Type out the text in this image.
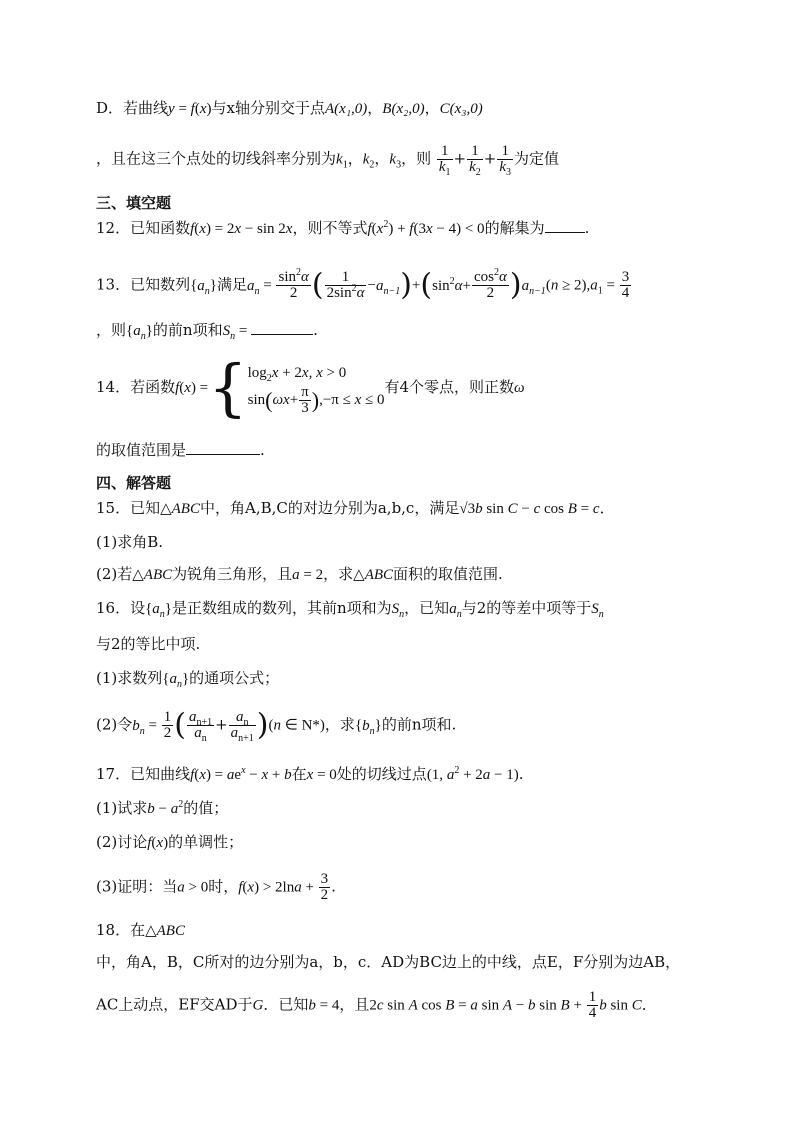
D．若曲线y = f(x)与x轴分别交于点A(x₁,0)，B(x₂,0)，C(x₃,0)
，且在这三个点处的切线斜率分别为$k_1$，$k_2$，$k_3$，则 $\frac{1}{k_1} + \frac{1}{k_2} + \frac{1}{k_3}$ 为定值
三、填空题
12．已知函数f(x) = 2x − sin 2x，则不等式$f(x^2) + f(3x - 4) < 0$的解集为	.
13．已知数列$\{a_n\}$满足$a_n = \frac{\sin^2\alpha}{2}$ ( $\frac{1}{2\sin^2\alpha} -a_{n-1})+(\sin^2\alpha+ \frac{\cos^2\alpha}{2} )a_{n-1}(n \ge 2),a_1 = \frac{3}{4}$
，则$\{a_n\}$的前n项和$S_n$ =	.
14．若函数f(x) ={ $\log_2x + 2x$, x > 0
$\sin(\omega x+ \frac{\pi}{3} ),-\pi \le x \le 0$
有4个零点，则正数ω
的取值范围是	.
四、解答题
15．已知△ABC中，角A,B,C的对边分别为a,b,c，满足√3b sin C − c cos B = c．
(1)求角B.
(2)若△ABC为锐角三角形，且a = 2，求△ABC面积的取值范围.
16．设$\{a_n\}$是正数组成的数列，其前n项和为$S_n$，已知$a_n$与2的等差中项等于$S_n$
与2的等比中项.
(1)求数列$\{a_n\}$的通项公式；
(2)令$b_n = \frac{1}{2}$ ( $\frac{a_{n+1}}{a_n} + \frac{a_n}{a_{n+1}} )(n$ ∈ N*)，求$\{b_n\}$的前n项和.
17．已知曲线$f(x) = ae^x - x + b$在x = 0处的切线过点(1, $a^2 + 2a - 1$).
(1)试求$b - a^2$的值；
(2)讨论f(x)的单调性；
(3)证明：当a > 0时，$f(x) > 2\ln a + \frac{3}{2}$ .
18．在△ABC
中，角A，B，C所对的边分别为a，b，c．AD为BC边上的中线，点E，F分别为边AB，
AC上动点，EF交AD于G．已知b = 4，且2c sin A cos B = a sin A − b $\sin B + \frac{1}{4}$ b sin C．
